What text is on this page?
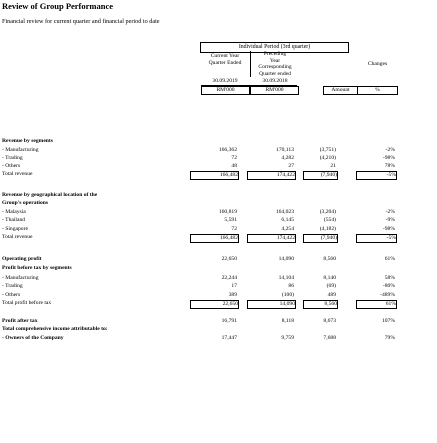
Review of Group Performance
Financial review for current quarter and financial period to date
Individual Period (3rd quarter)
Current Year
Quarter Ended
Preceding
Year
Corresponding
Quarter ended
Changes
30.09.2019	30.09.2018
RM'000	RM'000	Amount	%
Revenue by segments
- Manufacturing	166,362	170,113	(3,751)	-2%
- Trading	72	4,282	(4,210)	-98%
- Others	48	27	21	78%
Total revenue	166,482	174,422	(7,940)	-5%
Revenue by geographical location of the
Group's operations
- Malaysia	160,819	164,023	(3,204)	-2%
- Thailand	5,591	6,145	(554)	-9%
- Singapore	72	4,254	(4,182)	-98%
Total revenue	166,482	174,422	(7,940)	-5%
Operating profit	22,650	14,090	8,560	61%
Profit before tax by segments
- Manufacturing	22,244	14,104	8,140	58%
- Trading	17	86	(69)	-80%
- Others	389	(100)	489	-489%
Total profit before tax	22,650	14,090	8,560	61%
Profit after tax	16,791	8,118	8,673	107%
Total comprehensive income attributable to:
- Owners of the Company	17,447	9,759	7,688	79%
